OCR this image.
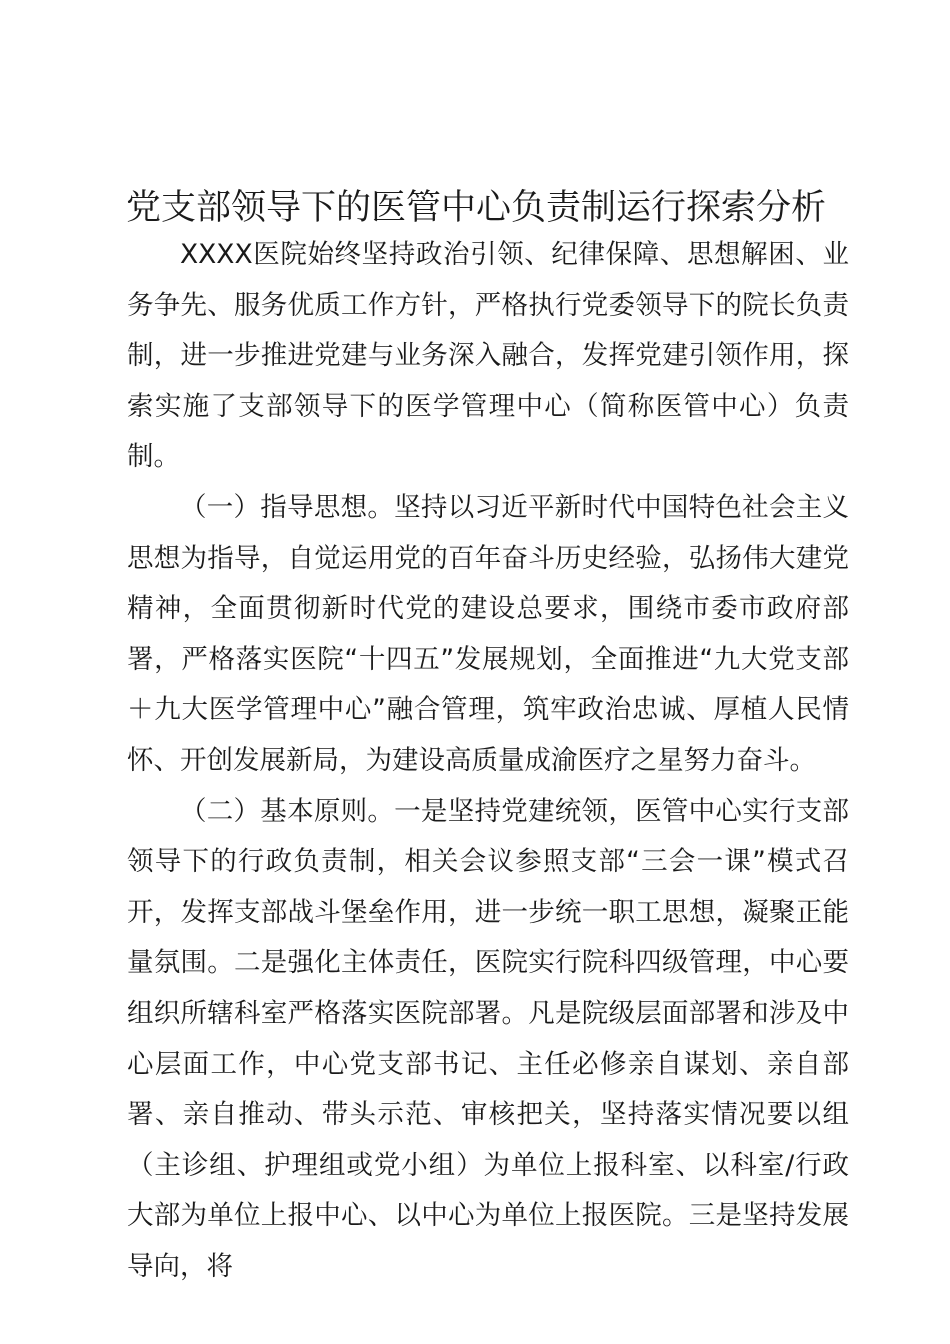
党支部领导下的医管中心负责制运行探索分析

XXXX医院始终坚持政治引领、纪律保障、思想解困、业务争先、服务优质工作方针，严格执行党委领导下的院长负责制，进一步推进党建与业务深入融合，发挥党建引领作用，探索实施了支部领导下的医学管理中心（简称医管中心）负责制。

（一）指导思想。坚持以习近平新时代中国特色社会主义思想为指导，自觉运用党的百年奋斗历史经验，弘扬伟大建党精神，全面贯彻新时代党的建设总要求，围绕市委市政府部署，严格落实医院“十四五”发展规划，全面推进“九大党支部＋九大医学管理中心”融合管理，筑牢政治忠诚、厚植人民情怀、开创发展新局，为建设高质量成渝医疗之星努力奋斗。

（二）基本原则。一是坚持党建统领，医管中心实行支部领导下的行政负责制，相关会议参照支部“三会一课”模式召开，发挥支部战斗堡垒作用，进一步统一职工思想，凝聚正能量氛围。二是强化主体责任，医院实行院科四级管理，中心要组织所辖科室严格落实医院部署。凡是院级层面部署和涉及中心层面工作，中心党支部书记、主任必修亲自谋划、亲自部署、亲自推动、带头示范、审核把关，坚持落实情况要以组（主诊组、护理组或党小组）为单位上报科室、以科室/行政大部为单位上报中心、以中心为单位上报医院。三是坚持发展导向，将
